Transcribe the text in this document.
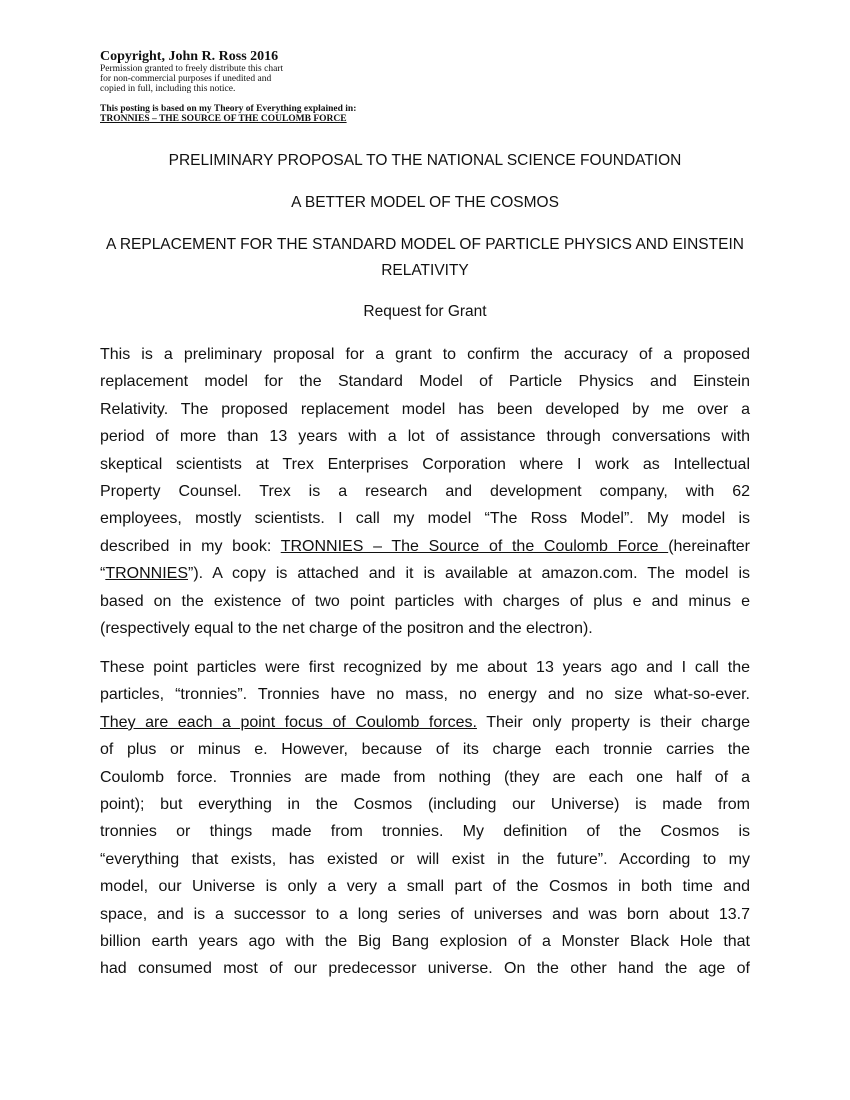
Copyright, John R. Ross 2016
Permission granted to freely distribute this chart
for non-commercial purposes if unedited and
copied in full, including this notice.
This posting is based on my Theory of Everything explained in:
TRONNIES – THE SOURCE OF THE COULOMB FORCE
PRELIMINARY PROPOSAL TO THE NATIONAL SCIENCE FOUNDATION
A BETTER MODEL OF THE COSMOS
A REPLACEMENT FOR THE STANDARD MODEL OF PARTICLE PHYSICS AND EINSTEIN RELATIVITY
Request for Grant
This is a preliminary proposal for a grant to confirm the accuracy of a proposed
replacement model for the Standard Model of Particle Physics and Einstein
Relativity. The proposed replacement model has been developed by me over a
period of more than 13 years with a lot of assistance through conversations with
skeptical scientists at Trex Enterprises Corporation where I work as Intellectual
Property Counsel. Trex is a research and development company, with 62
employees, mostly scientists. I call my model “The Ross Model”. My model is
described in my book: TRONNIES – The Source of the Coulomb Force (hereinafter
“TRONNIES”). A copy is attached and it is available at amazon.com. The model is
based on the existence of two point particles with charges of plus e and minus e
(respectively equal to the net charge of the positron and the electron).
These point particles were first recognized by me about 13 years ago and I call the
particles, “tronnies”. Tronnies have no mass, no energy and no size what-so-ever.
They are each a point focus of Coulomb forces. Their only property is their charge
of plus or minus e. However, because of its charge each tronnie carries the
Coulomb force. Tronnies are made from nothing (they are each one half of a
point); but everything in the Cosmos (including our Universe) is made from
tronnies or things made from tronnies. My definition of the Cosmos is
“everything that exists, has existed or will exist in the future”. According to my
model, our Universe is only a very a small part of the Cosmos in both time and
space, and is a successor to a long series of universes and was born about 13.7
billion earth years ago with the Big Bang explosion of a Monster Black Hole that
had consumed most of our predecessor universe. On the other hand the age of
